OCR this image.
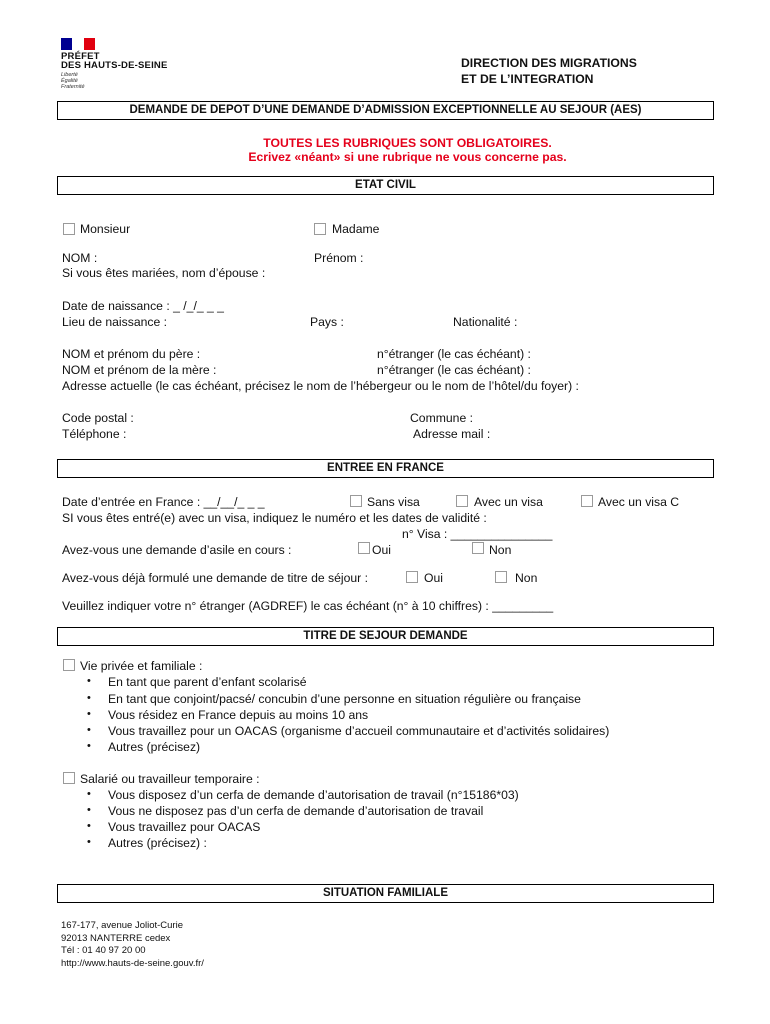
PRÉFET
DES HAUTS-DE-SEINE
Liberté
Égalité
Fraternité
DIRECTION DES MIGRATIONS
ET DE L’INTEGRATION
DEMANDE DE DEPOT D’UNE DEMANDE D’ADMISSION EXCEPTIONNELLE AU SEJOUR (AES)
TOUTES LES RUBRIQUES SONT OBLIGATOIRES.
Ecrivez «néant» si une rubrique ne vous concerne pas.
ETAT CIVIL
Monsieur	Madame
NOM :	Prénom :
Si vous êtes mariées, nom d’épouse :
Date de naissance : _ /_/_ _ _
Lieu de naissance :	Pays :	Nationalité :
NOM et prénom du père :	n°étranger (le cas échéant) :
NOM et prénom de la mère :	n°étranger (le cas échéant) :
Adresse actuelle (le cas échéant, précisez le nom de l’hébergeur ou le nom de l’hôtel/du foyer) :
Code postal :	Commune :
Téléphone :	Adresse mail :
ENTREE EN FRANCE
Date d’entrée en France : __/__/_ _ _	Sans visa	Avec un visa	Avec un visa C
SI vous êtes entré(e) avec un visa, indiquez le numéro et les dates de validité :
n° Visa : _______________
Avez-vous une demande d’asile en cours :	Oui	Non
Avez-vous déjà formulé une demande de titre de séjour :	Oui	Non
Veuillez indiquer votre n° étranger (AGDREF) le cas échéant (n° à 10 chiffres) : _________
TITRE DE SEJOUR DEMANDE
Vie privée et familiale :
• En tant que parent d’enfant scolarisé
• En tant que conjoint/pacsé/ concubin d’une personne en situation régulière ou française
• Vous résidez en France depuis au moins 10 ans
• Vous travaillez pour un OACAS (organisme d’accueil communautaire et d’activités solidaires)
• Autres (précisez)
Salarié ou travailleur temporaire :
• Vous disposez d’un cerfa de demande d’autorisation de travail (n°15186*03)
• Vous ne disposez pas d’un cerfa de demande d’autorisation de travail
• Vous travaillez pour OACAS
• Autres (précisez) :
SITUATION FAMILIALE
167-177, avenue Joliot-Curie
92013 NANTERRE cedex
Tél : 01 40 97 20 00
http://www.hauts-de-seine.gouv.fr/
